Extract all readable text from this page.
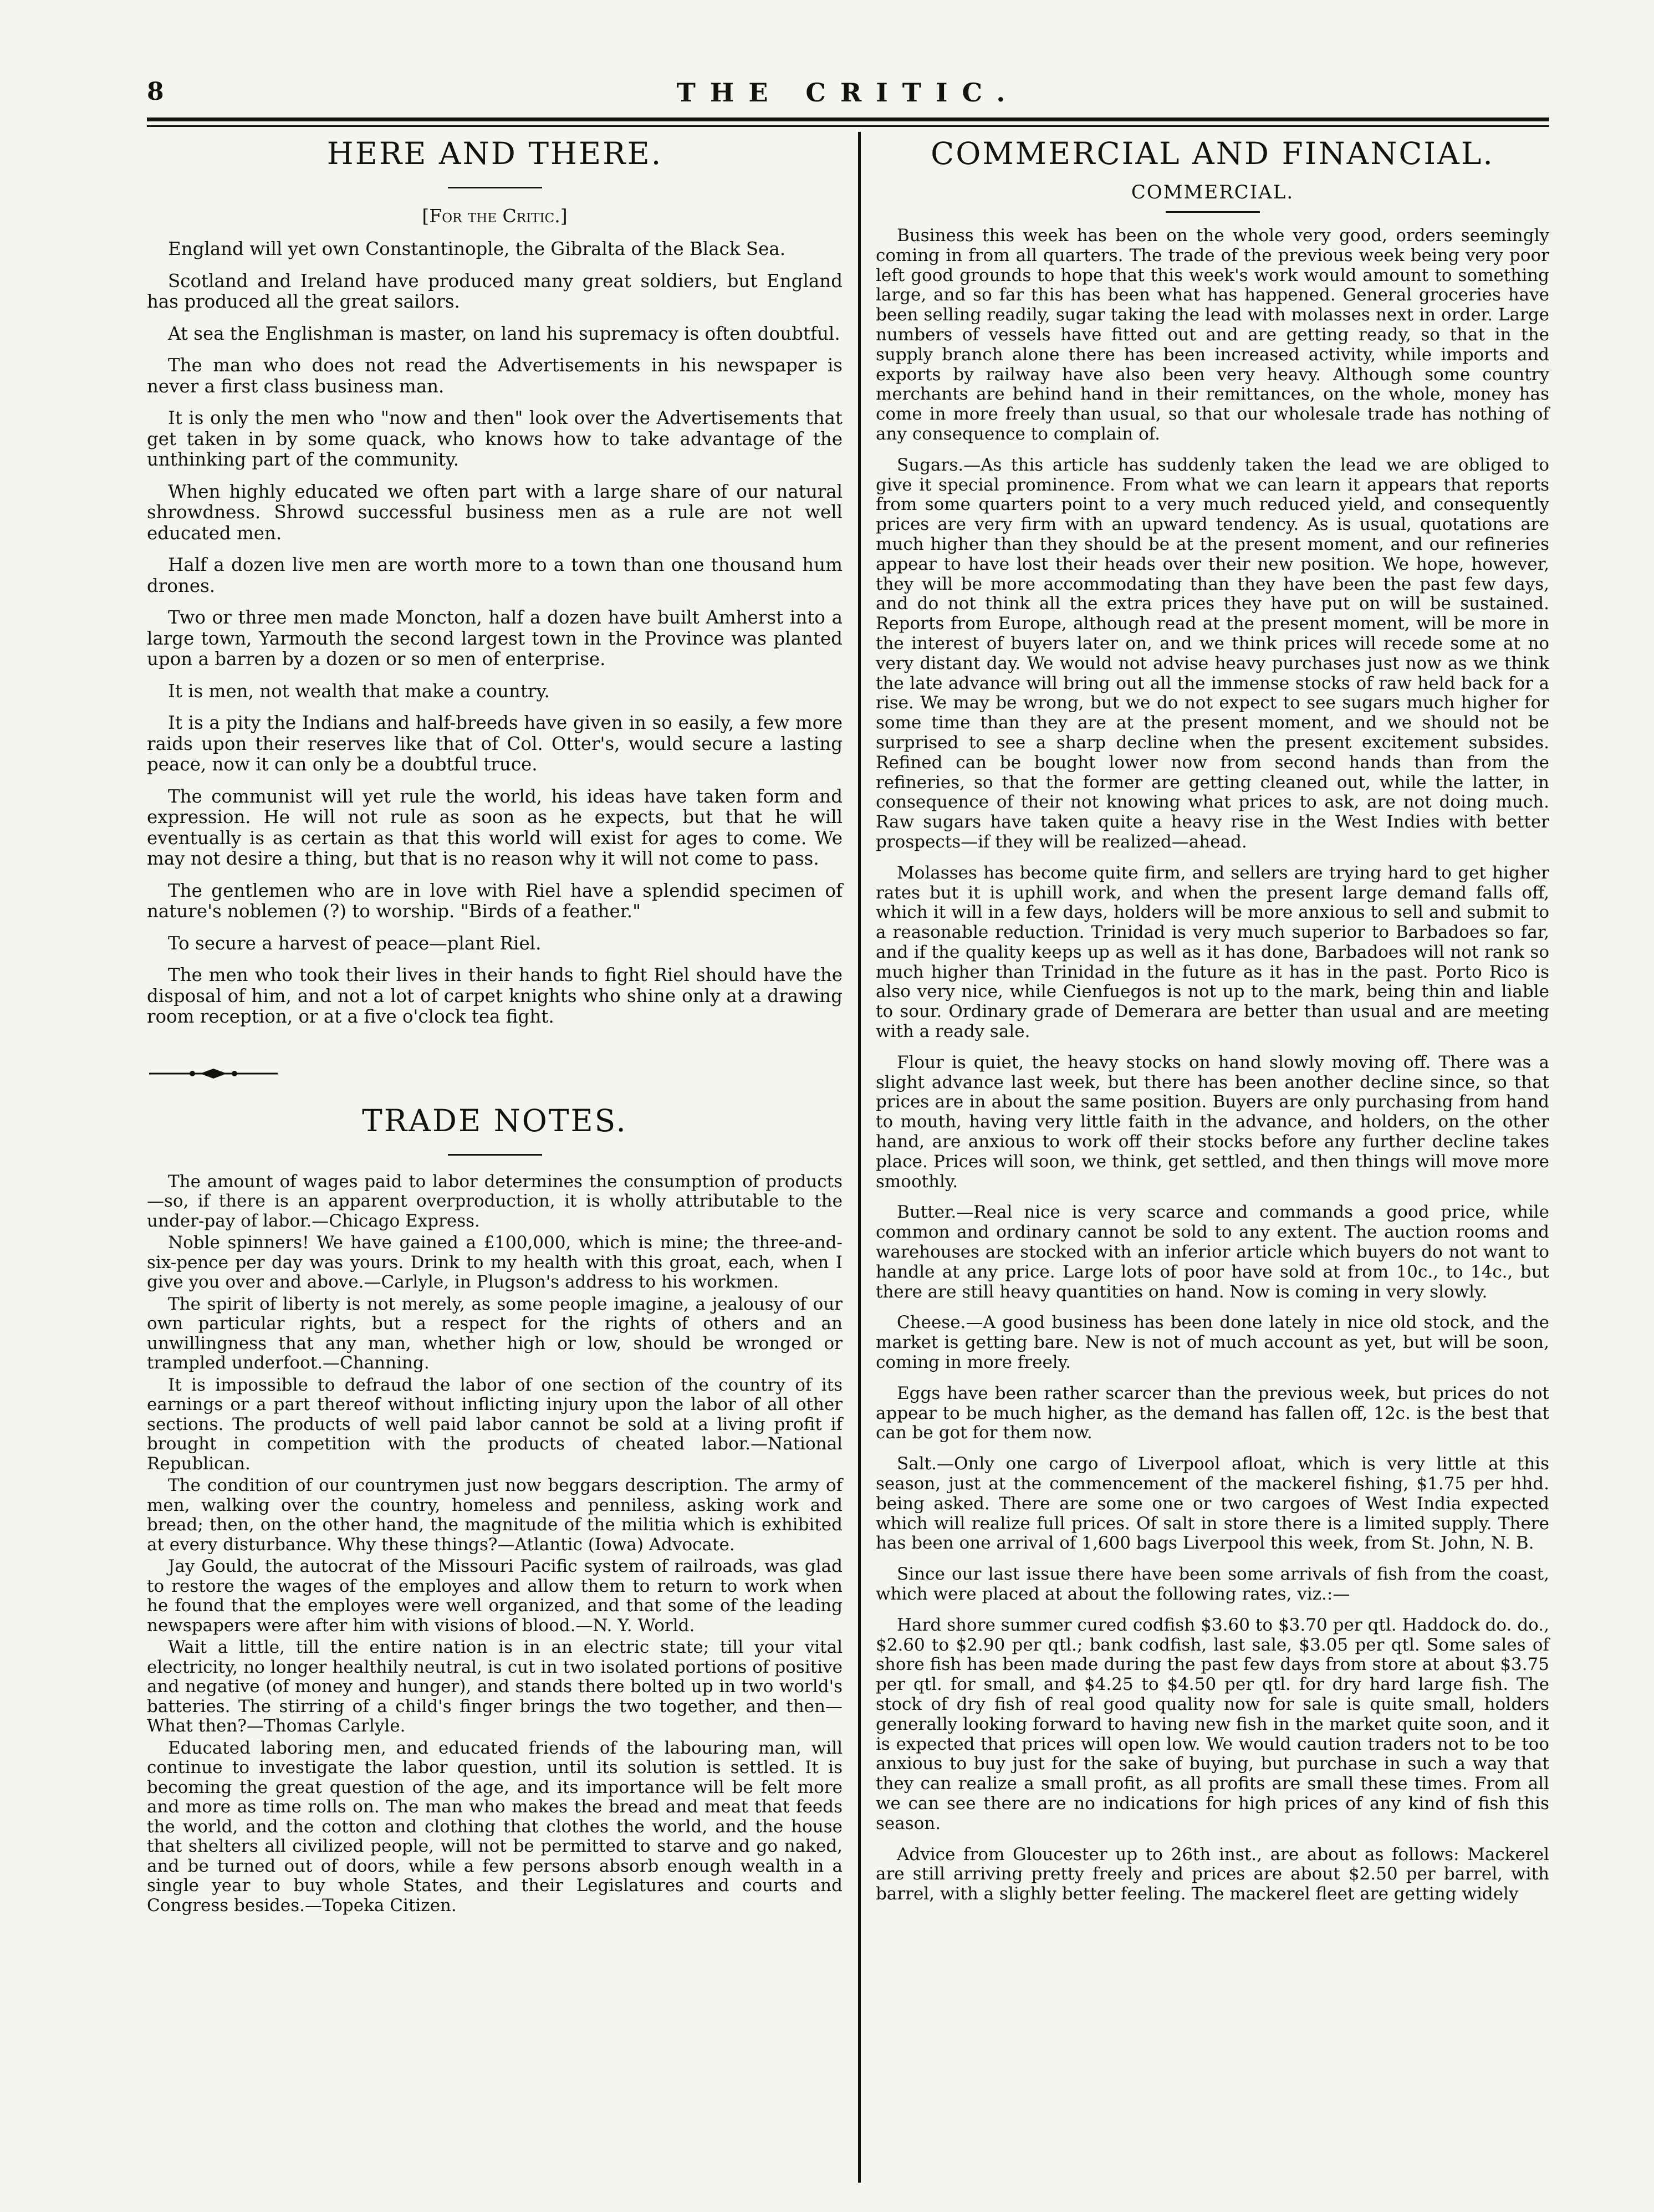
8	THE CRITIC.
HERE AND THERE.
[For the Critic.]

England will yet own Constantinople, the Gibralta of the Black Sea.

Scotland and Ireland have produced many great soldiers, but England has produced all the great sailors.

At sea the Englishman is master, on land his supremacy is often doubtful.

The man who does not read the Advertisements in his newspaper is never a first class business man.

It is only the men who "now and then" look over the Advertisements that get taken in by some quack, who knows how to take advantage of the unthinking part of the community.

When highly educated we often part with a large share of our natural shrowdness. Shrowd successful business men as a rule are not well educated men.

Half a dozen live men are worth more to a town than one thousand hum drones.

Two or three men made Moncton, half a dozen have built Amherst into a large town, Yarmouth the second largest town in the Province was planted upon a barren by a dozen or so men of enterprise.

It is men, not wealth that make a country.

It is a pity the Indians and half-breeds have given in so easily, a few more raids upon their reserves like that of Col. Otter's, would secure a lasting peace, now it can only be a doubtful truce.

The communist will yet rule the world, his ideas have taken form and expression. He will not rule as soon as he expects, but that he will eventually is as certain as that this world will exist for ages to come. We may not desire a thing, but that is no reason why it will not come to pass.

The gentlemen who are in love with Riel have a splendid specimen of nature's noblemen (?) to worship. "Birds of a feather."

To secure a harvest of peace—plant Riel.

The men who took their lives in their hands to fight Riel should have the disposal of him, and not a lot of carpet knights who shine only at a drawing room reception, or at a five o'clock tea fight.

TRADE NOTES.

The amount of wages paid to labor determines the consumption of products—so, if there is an apparent overproduction, it is wholly attributable to the under-pay of labor.—Chicago Express.

Noble spinners! We have gained a £100,000, which is mine; the three-and-six-pence per day was yours. Drink to my health with this groat, each, when I give you over and above.—Carlyle, in Plugson's address to his workmen.

The spirit of liberty is not merely, as some people imagine, a jealousy of our own particular rights, but a respect for the rights of others and an unwillingness that any man, whether high or low, should be wronged or trampled underfoot.—Channing.

It is impossible to defraud the labor of one section of the country of its earnings or a part thereof without inflicting injury upon the labor of all other sections. The products of well paid labor cannot be sold at a living profit if brought in competition with the products of cheated labor.—National Republican.

The condition of our countrymen just now beggars description. The army of men, walking over the country, homeless and penniless, asking work and bread; then, on the other hand, the magnitude of the militia which is exhibited at every disturbance. Why these things?—Atlantic (Iowa) Advocate.

Jay Gould, the autocrat of the Missouri Pacific system of railroads, was glad to restore the wages of the employes and allow them to return to work when he found that the employes were well organized, and that some of the leading newspapers were after him with visions of blood.—N. Y. World.

Wait a little, till the entire nation is in an electric state; till your vital electricity, no longer healthily neutral, is cut in two isolated portions of positive and negative (of money and hunger), and stands there bolted up in two world's batteries. The stirring of a child's finger brings the two together, and then—What then?—Thomas Carlyle.

Educated laboring men, and educated friends of the labouring man, will continue to investigate the labor question, until its solution is settled. It is becoming the great question of the age, and its importance will be felt more and more as time rolls on. The man who makes the bread and meat that feeds the world, and the cotton and clothing that clothes the world, and the house that shelters all civilized people, will not be permitted to starve and go naked, and be turned out of doors, while a few persons absorb enough wealth in a single year to buy whole States, and their Legislatures and courts and Congress besides.—Topeka Citizen.

COMMERCIAL AND FINANCIAL.
COMMERCIAL.

Business this week has been on the whole very good, orders seemingly coming in from all quarters. The trade of the previous week being very poor left good grounds to hope that this week's work would amount to something large, and so far this has been what has happened. General groceries have been selling readily, sugar taking the lead with molasses next in order. Large numbers of vessels have fitted out and are getting ready, so that in the supply branch alone there has been increased activity, while imports and exports by railway have also been very heavy. Although some country merchants are behind hand in their remittances, on the whole, money has come in more freely than usual, so that our wholesale trade has nothing of any consequence to complain of.

Sugars.—As this article has suddenly taken the lead we are obliged to give it special prominence. From what we can learn it appears that reports from some quarters point to a very much reduced yield, and consequently prices are very firm with an upward tendency. As is usual, quotations are much higher than they should be at the present moment, and our refineries appear to have lost their heads over their new position. We hope, however, they will be more accommodating than they have been the past few days, and do not think all the extra prices they have put on will be sustained. Reports from Europe, although read at the present moment, will be more in the interest of buyers later on, and we think prices will recede some at no very distant day. We would not advise heavy purchases just now as we think the late advance will bring out all the immense stocks of raw held back for a rise. We may be wrong, but we do not expect to see sugars much higher for some time than they are at the present moment, and we should not be surprised to see a sharp decline when the present excitement subsides. Refined can be bought lower now from second hands than from the refineries, so that the former are getting cleaned out, while the latter, in consequence of their not knowing what prices to ask, are not doing much. Raw sugars have taken quite a heavy rise in the West Indies with better prospects—if they will be realized—ahead.

Molasses has become quite firm, and sellers are trying hard to get higher rates but it is uphill work, and when the present large demand falls off, which it will in a few days, holders will be more anxious to sell and submit to a reasonable reduction. Trinidad is very much superior to Barbadoes so far, and if the quality keeps up as well as it has done, Barbadoes will not rank so much higher than Trinidad in the future as it has in the past. Porto Rico is also very nice, while Cienfuegos is not up to the mark, being thin and liable to sour. Ordinary grade of Demerara are better than usual and are meeting with a ready sale.

Flour is quiet, the heavy stocks on hand slowly moving off. There was a slight advance last week, but there has been another decline since, so that prices are in about the same position. Buyers are only purchasing from hand to mouth, having very little faith in the advance, and holders, on the other hand, are anxious to work off their stocks before any further decline takes place. Prices will soon, we think, get settled, and then things will move more smoothly.

Butter.—Real nice is very scarce and commands a good price, while common and ordinary cannot be sold to any extent. The auction rooms and warehouses are stocked with an inferior article which buyers do not want to handle at any price. Large lots of poor have sold at from 10c., to 14c., but there are still heavy quantities on hand. Now is coming in very slowly.

Cheese.—A good business has been done lately in nice old stock, and the market is getting bare. New is not of much account as yet, but will be soon, coming in more freely.

Eggs have been rather scarcer than the previous week, but prices do not appear to be much higher, as the demand has fallen off, 12c. is the best that can be got for them now.

Salt.—Only one cargo of Liverpool afloat, which is very little at this season, just at the commencement of the mackerel fishing, $1.75 per hhd. being asked. There are some one or two cargoes of West India expected which will realize full prices. Of salt in store there is a limited supply. There has been one arrival of 1,600 bags Liverpool this week, from St. John, N. B.

Since our last issue there have been some arrivals of fish from the coast, which were placed at about the following rates, viz.:—

Hard shore summer cured codfish $3.60 to $3.70 per qtl. Haddock do. do., $2.60 to $2.90 per qtl.; bank codfish, last sale, $3.05 per qtl. Some sales of shore fish has been made during the past few days from store at about $3.75 per qtl. for small, and $4.25 to $4.50 per qtl. for dry hard large fish. The stock of dry fish of real good quality now for sale is quite small, holders generally looking forward to having new fish in the market quite soon, and it is expected that prices will open low. We would caution traders not to be too anxious to buy just for the sake of buying, but purchase in such a way that they can realize a small profit, as all profits are small these times. From all we can see there are no indications for high prices of any kind of fish this season.

Advice from Gloucester up to 26th inst., are about as follows: Mackerel are still arriving pretty freely and prices are about $2.50 per barrel, with barrel, with a slighly better feeling. The mackerel fleet are getting widely
